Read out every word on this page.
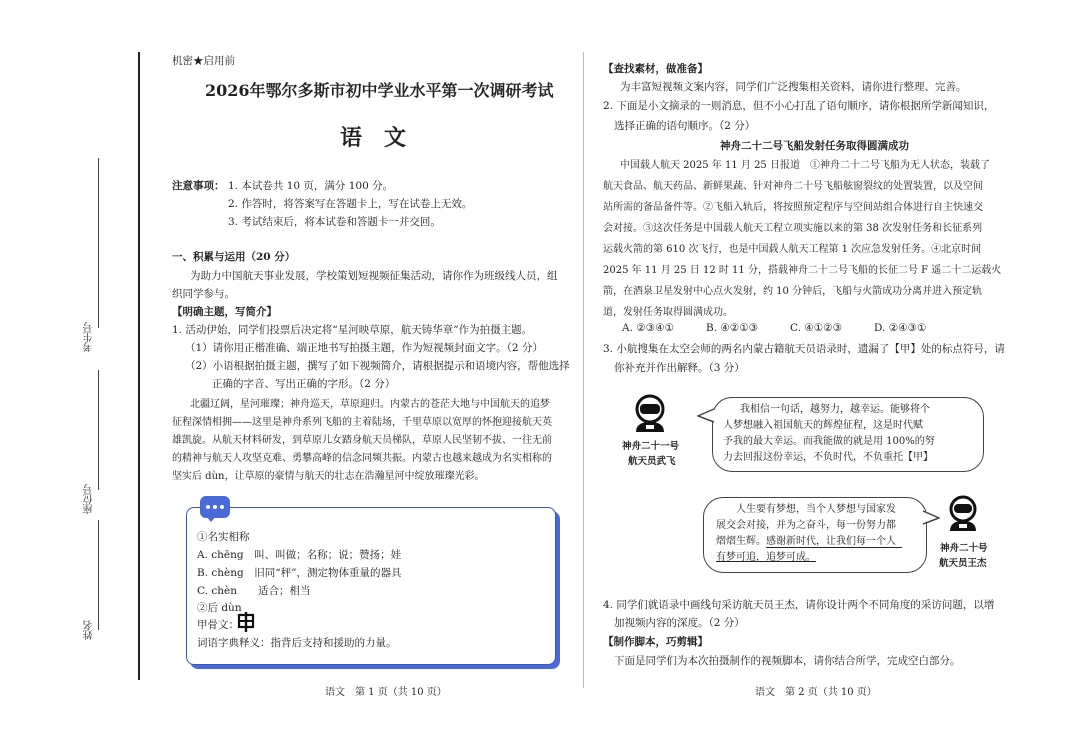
考生号
座位号
姓名
机密★启用前
2026年鄂尔多斯市初中学业水平第一次调研考试
语　文
注意事项： 1. 本试卷共 10 页，满分 100 分。
2. 作答时，将答案写在答题卡上，写在试卷上无效。
3. 考试结束后，将本试卷和答题卡一并交回。
一、积累与运用（20 分）
为助力中国航天事业发展，学校策划短视频征集活动，请你作为班级线人员，组
织同学参与。
【明确主题，写简介】
1. 活动伊始，同学们投票后决定将“星河映草原，航天铸华章”作为拍摄主题。
（1）请你用正楷准确、端正地书写拍摄主题，作为短视频封面文字。（2 分）
（2）小语根据拍摄主题，撰写了如下视频简介，请根据提示和语境内容，帮他选择
正确的字音、写出正确的字形。（2 分）
北疆辽阔，星河璀璨；神舟巡天，草原迎归。内蒙古的苍茫大地与中国航天的追梦
征程深情相拥——这里是神舟系列飞船的主着陆场，千里草原以宽厚的怀抱迎接航天英
雄凯旋。从航天材料研发，到草原儿女踏身航天员梯队，草原人民坚韧不拔、一往无前
的精神与航天人攻坚克难、勇攀高峰的信念同频共振。内蒙古也越来越成为名实相称的
坚实后 dùn，让草原的豪情与航天的壮志在浩瀚星河中绽放璀璨光彩。
①名实相称
A. chēng　叫、叫做；名称；说；赞扬；娃
B. chèng　旧同“秤”，测定物体重量的器具
C. chèn　　适合；相当
②后 dùn
甲骨文：
词语字典释义：指背后支持和援助的力量。
语文　第 1 页（共 10 页）
【查找素材，做准备】
为丰富短视频文案内容，同学们广泛搜集相关资料，请你进行整理、完善。
2. 下面是小文摘录的一则消息，但不小心打乱了语句顺序，请你根据所学新闻知识，
选择正确的语句顺序。（2 分）
神舟二十二号飞船发射任务取得圆满成功
中国载人航天 2025 年 11 月 25 日报道　①神舟二十二号飞船为无人状态，装载了
航天食品、航天药品、新鲜果蔬、针对神舟二十号飞船舷窗裂纹的处置装置，以及空间
站所需的备品备件等。②飞船入轨后，将按照预定程序与空间站组合体进行自主快速交
会对接。③这次任务是中国载人航天工程立项实施以来的第 38 次发射任务和长征系列
运载火箭的第 610 次飞行，也是中国载人航天工程第 1 次应急发射任务。④北京时间
2025 年 11 月 25 日 12 时 11 分，搭载神舟二十二号飞船的长征二号 F 遥二十二运载火
箭，在酒泉卫星发射中心点火发射，约 10 分钟后，飞船与火箭成功分离并进入预定轨
道，发射任务取得圆满成功。
A. ②③④①	B. ④②①③	C. ④①②③	D. ②④③①
3. 小航搜集在太空会师的两名内蒙古籍航天员语录时，遗漏了【甲】处的标点符号，请
你补充并作出解释。（3 分）
神舟二十一号
航天员武飞
我相信一句话，越努力，越幸运。能够将个
人梦想融入祖国航天的辉煌征程，这是时代赋
予我的最大幸运。而我能做的就是用 100%的努
力去回报这份幸运，不负时代，不负重托【甲】
人生要有梦想，当个人梦想与国家发
展交会对接，并为之奋斗，每一份努力都
熠熠生辉。感谢新时代，让我们每一个人
有梦可追，追梦可成。
神舟二十号
航天员王杰
4. 同学们就语录中画线句采访航天员王杰，请你设计两个不同角度的采访问题，以增
加视频内容的深度。（2 分）
【制作脚本，巧剪辑】
下面是同学们为本次拍摄制作的视频脚本，请你结合所学，完成空白部分。
语文　第 2 页（共 10 页）
